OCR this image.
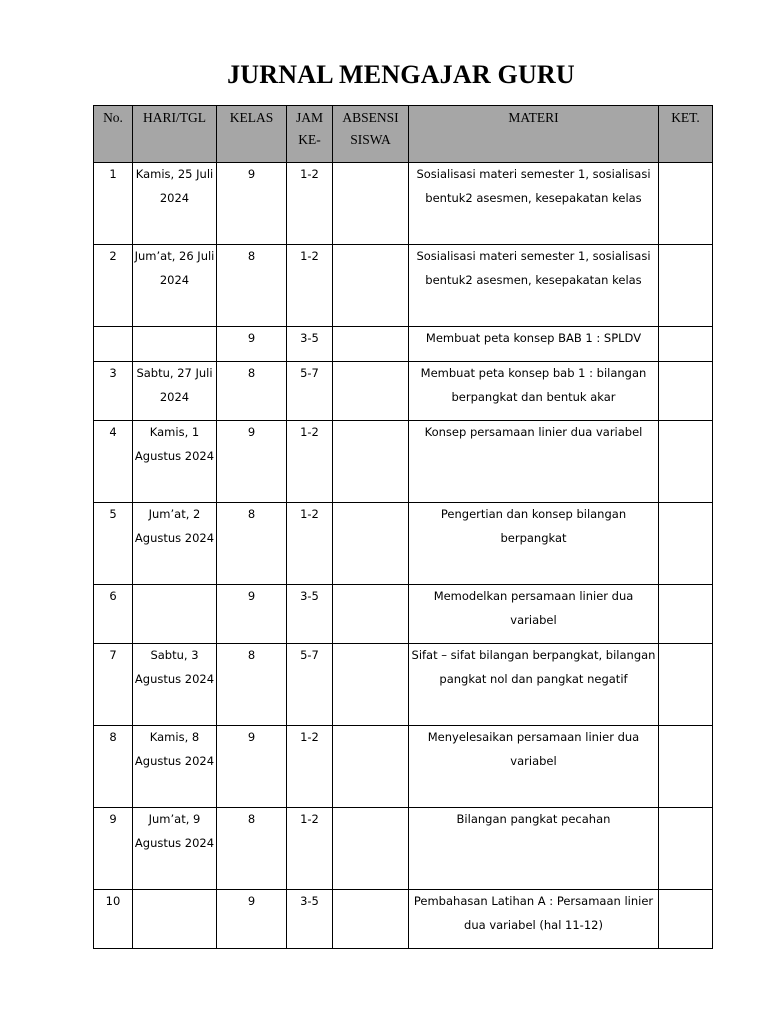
JURNAL MENGAJAR GURU
No.	HARI/TGL	KELAS	JAM KE-	ABSENSI SISWA	MATERI	KET.
1	Kamis, 25 Juli 2024	9	1-2		Sosialisasi materi semester 1, sosialisasi bentuk2 asesmen, kesepakatan kelas	
2	Jum’at, 26 Juli 2024	8	1-2		Sosialisasi materi semester 1, sosialisasi bentuk2 asesmen, kesepakatan kelas	
		9	3-5		Membuat peta konsep BAB 1 : SPLDV	
3	Sabtu, 27 Juli 2024	8	5-7		Membuat peta konsep bab 1 : bilangan berpangkat dan bentuk akar	
4	Kamis, 1 Agustus 2024	9	1-2		Konsep persamaan linier dua variabel	
5	Jum’at, 2 Agustus 2024	8	1-2		Pengertian dan konsep bilangan berpangkat	
6		9	3-5		Memodelkan persamaan linier dua variabel	
7	Sabtu, 3 Agustus 2024	8	5-7		Sifat – sifat bilangan berpangkat, bilangan pangkat nol dan pangkat negatif	
8	Kamis, 8 Agustus 2024	9	1-2		Menyelesaikan persamaan linier dua variabel	
9	Jum’at, 9 Agustus 2024	8	1-2		Bilangan pangkat pecahan	
10		9	3-5		Pembahasan Latihan A : Persamaan linier dua variabel (hal 11-12)	
